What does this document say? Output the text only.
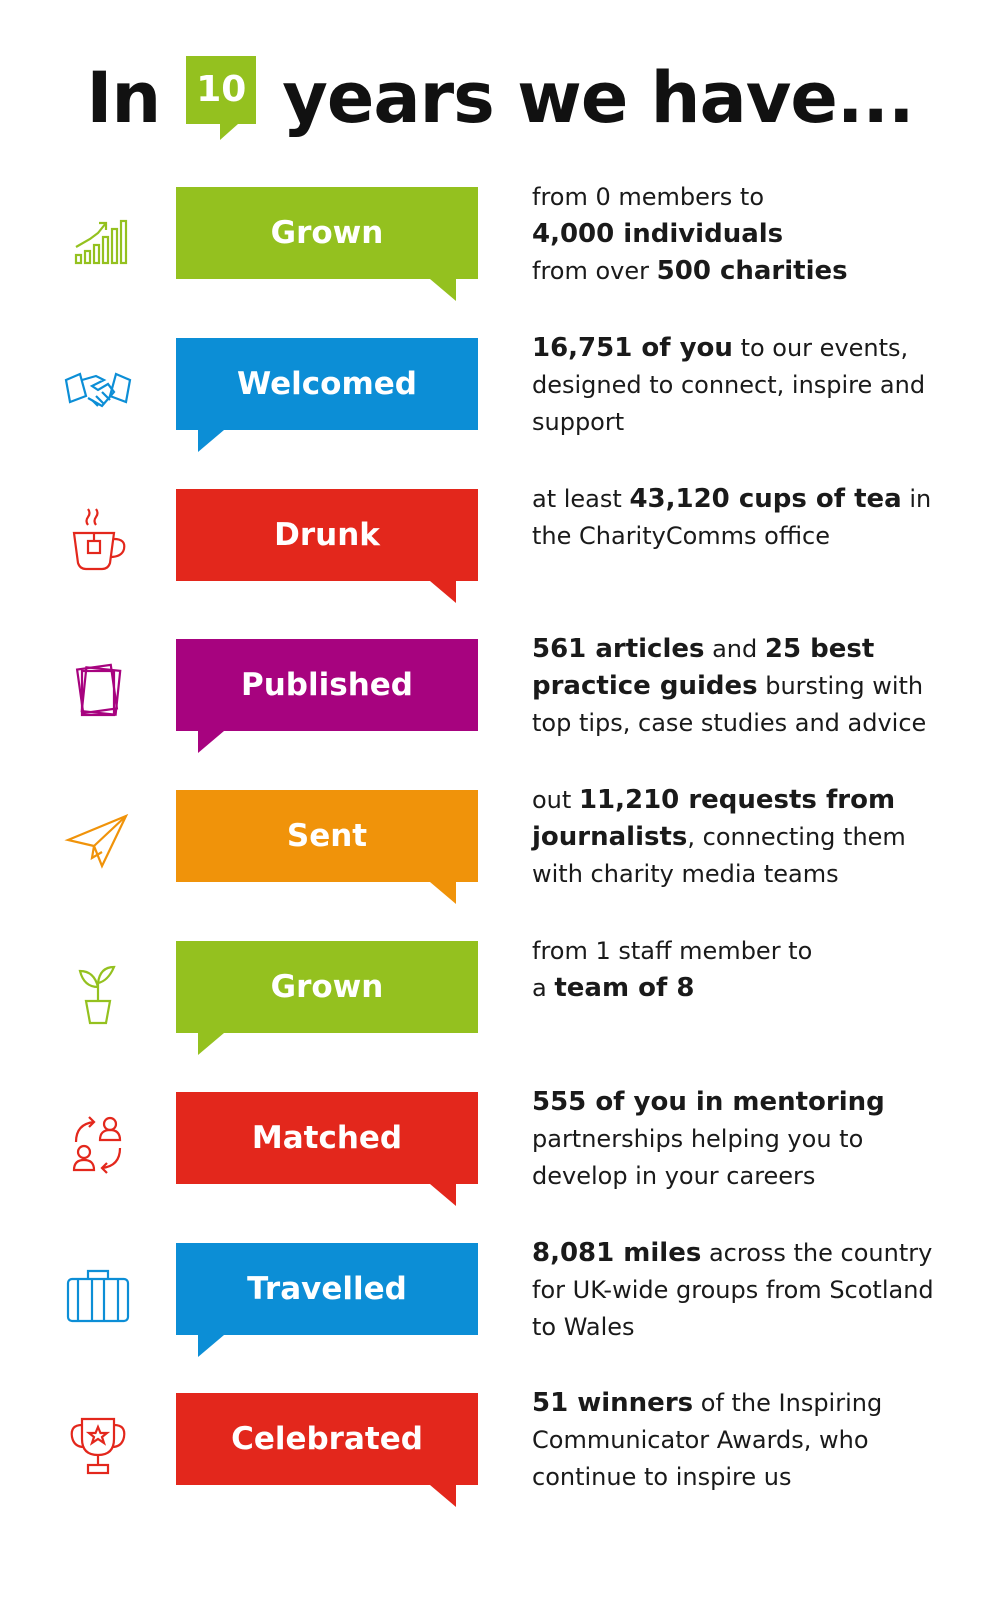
In 10 years we have...
Grown
from 0 members to
4,000 individuals
from over 500 charities
Welcomed
16,751 of you to our events, designed to connect, inspire and support
Drunk
at least 43,120 cups of tea in the CharityComms office
Published
561 articles and 25 best practice guides bursting with top tips, case studies and advice
Sent
out 11,210 requests from journalists, connecting them with charity media teams
Grown
from 1 staff member to
a team of 8
Matched
555 of you in mentoring partnerships helping you to develop in your careers
Travelled
8,081 miles across the country for UK-wide groups from Scotland to Wales
Celebrated
51 winners of the Inspiring Communicator Awards, who continue to inspire us
